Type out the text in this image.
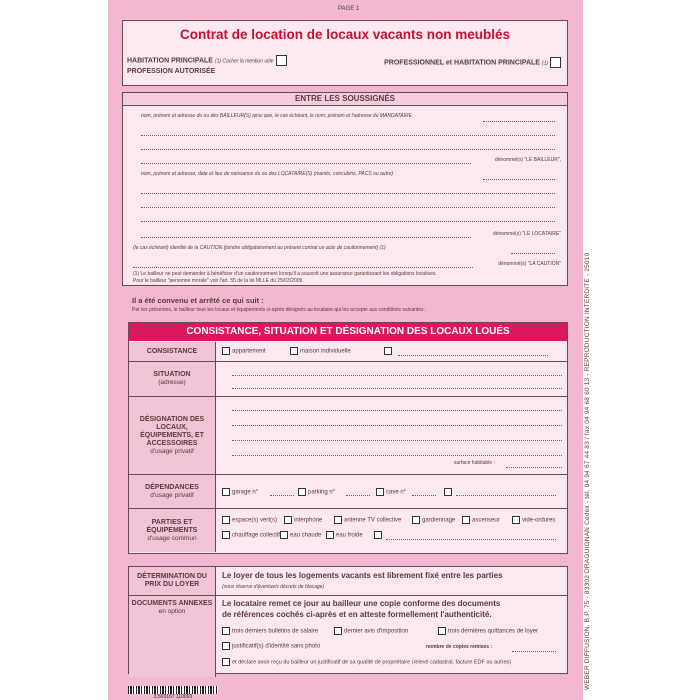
PAGE 1
Contrat de location de locaux vacants non meublés
HABITATION PRINCIPALE (1) Cocher la mention utile
PROFESSION AUTORISÉE
PROFESSIONNEL et HABITATION PRINCIPALE (1)
ENTRE LES SOUSSIGNÉS
nom, prénom et adresse du ou des BAILLEUR(S) ainsi que, le cas échéant, le nom, prénom et l'adresse du MANDATAIRE
dénommé(s) "LE BAILLEUR",
nom, prénom et adresse, date et lieu de naissance du ou des LOCATAIRE(S) (mariés, concubins, PACS ou autre)
dénommé(s) "LE LOCATAIRE"
(le cas échéant) identité de la CAUTION (joindre obligatoirement au présent contrat un acte de cautionnement) (1)
dénommé(s) "LA CAUTION"
(1) Le bailleur ne peut demander à bénéficier d'un cautionnement lorsqu'il a souscrit une assurance garantissant les obligations locatives.
Pour le bailleur "personne morale" voir l'art. 55 de la loi MLLE du 25/03/2009.
Il a été convenu et arrêté ce qui suit :
Par les présentes, le bailleur loue les locaux et équipements ci-après désignés au locataire qui les accepte aux conditions suivantes :
CONSISTANCE, SITUATION ET DÉSIGNATION DES LOCAUX LOUÉS
CONSISTANCE	appartement	maison individuelle
SITUATION
(adresse)
DÉSIGNATION DES LOCAUX, ÉQUIPEMENTS, ET ACCESSOIRES
d'usage privatif
surface habitable :
DÉPENDANCES
d'usage privatif	garage n°	parking n°	cave n°
PARTIES ET ÉQUIPEMENTS
d'usage commun
espace(s) vert(s)	interphone	antenne TV collective	gardiennage	ascenseur	vide-ordures
chauffage collectif	eau chaude	eau froide
DÉTERMINATION DU PRIX DU LOYER
Le loyer de tous les logements vacants est librement fixé entre les parties
(sous réserve d'éventuels décrets de blocage)
DOCUMENTS ANNEXES
en option
Le locataire remet ce jour au bailleur une copie conforme des documents
de références cochés ci-après et en atteste formellement l'authenticité.
trois derniers bulletins de salaire	dernier avis d'imposition	trois dernières quittances de loyer
justificatif(s) d'identité sans photo	nombre de copies remises :
et déclare avoir reçu du bailleur un justificatif de sa qualité de propriétaire (relevé cadastral, facture EDF ou autres)
3 503167 110003
WEBER DIFFUSION, B.P. 75 - 83302 DRAGUIGNAN Cedex - tél. 04 94 67 44 83 / fax 04 94 68 60 13 - REPRODUCTION INTERDITE - 25010
